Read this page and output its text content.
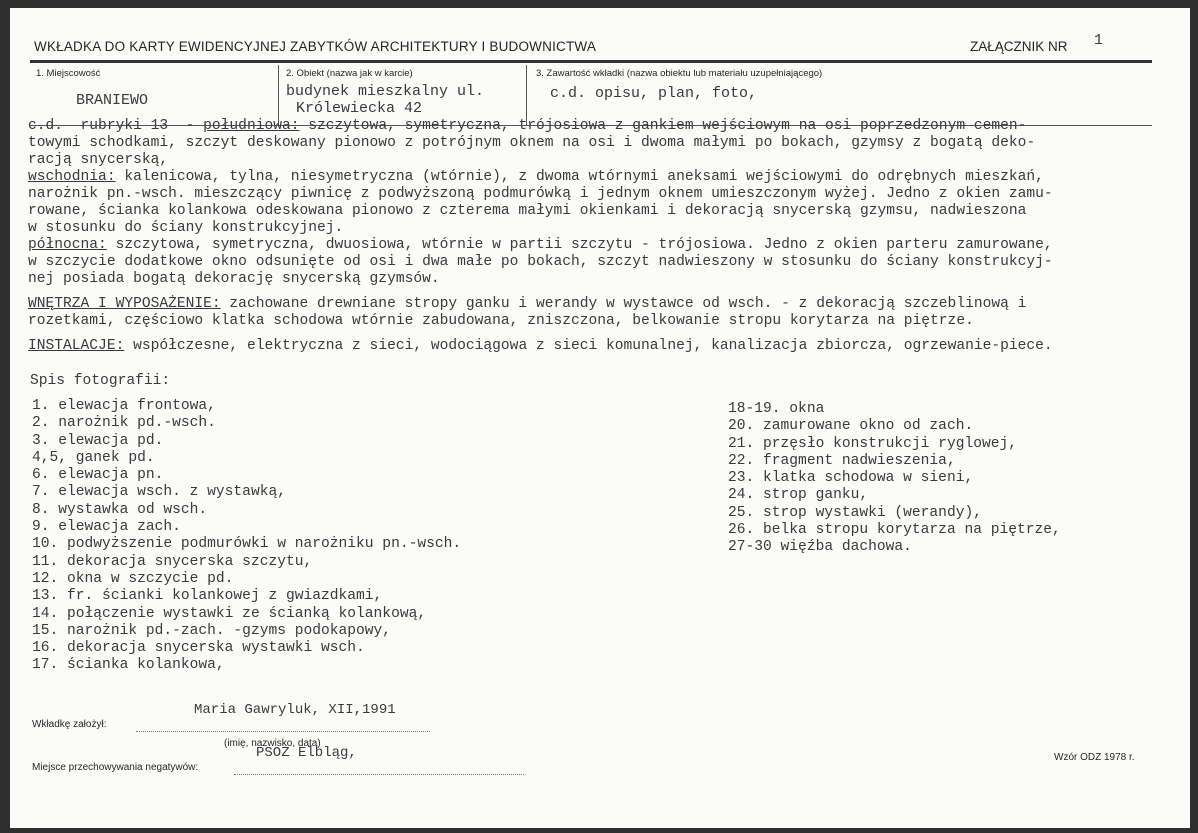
WKŁADKA DO KARTY EWIDENCYJNEJ ZABYTKÓW ARCHITEKTURY I BUDOWNICTWA	ZAŁĄCZNIK NR 1
1. Miejscowość
BRANIEWO
2. Obiekt (nazwa jak w karcie)
budynek mieszkalny ul.
Królewiecka 42
3. Zawartość wkładki (nazwa obiektu lub materiału uzupełniającego)
c.d. opisu, plan, foto,
c.d.  rubryki 13  - południowa: szczytowa, symetryczna, trójosiowa z gankiem wejściowym na osi poprzedzonym cemen-
towymi schodkami, szczyt deskowany pionowo z potrójnym oknem na osi i dwoma małymi po bokach, gzymsy z bogatą deko-
racją snycerską,
wschodnia: kalenicowa, tylna, niesymetryczna (wtórnie), z dwoma wtórnymi aneksami wejściowymi do odrębnych mieszkań,
narożnik pn.-wsch. mieszczący piwnicę z podwyższoną podmurówką i jednym oknem umieszczonym wyżej. Jedno z okien zamu-
rowane, ścianka kolankowa odeskowana pionowo z czterema małymi okienkami i dekoracją snycerską gzymsu, nadwieszona
w stosunku do ściany konstrukcyjnej.
północna: szczytowa, symetryczna, dwuosiowa, wtórnie w partii szczytu - trójosiowa. Jedno z okien parteru zamurowane,
w szczycie dodatkowe okno odsunięte od osi i dwa małe po bokach, szczyt nadwieszony w stosunku do ściany konstrukcyj-
nej posiada bogatą dekorację snycerską gzymsów.
WNĘTRZA I WYPOSAŻENIE: zachowane drewniane stropy ganku i werandy w wystawce od wsch. - z dekoracją szczeblinową i
rozetkami, częściowo klatka schodowa wtórnie zabudowana, zniszczona, belkowanie stropu korytarza na piętrze.
INSTALACJE: współczesne, elektryczna z sieci, wodociągowa z sieci komunalnej, kanalizacja zbiorcza, ogrzewanie-piece.
Spis fotografii:
1. elewacja frontowa,
2. narożnik pd.-wsch.
3. elewacja pd.
4,5, ganek pd.
6. elewacja pn.
7. elewacja wsch. z wystawką,
8. wystawka od wsch.
9. elewacja zach.
10. podwyższenie podmurówki w narożniku pn.-wsch.
11. dekoracja snycerska szczytu,
12. okna w szczycie pd.
13. fr. ścianki kolankowej z gwiazdkami,
14. połączenie wystawki ze ścianką kolankową,
15. narożnik pd.-zach. -gzyms podokapowy,
16. dekoracja snycerska wystawki wsch.
17. ścianka kolankowa,
18-19. okna
20. zamurowane okno od zach.
21. przęsło konstrukcji ryglowej,
22. fragment nadwieszenia,
23. klatka schodowa w sieni,
24. strop ganku,
25. strop wystawki (werandy),
26. belka stropu korytarza na piętrze,
27-30 więźba dachowa.
Wkładkę założył:
Maria Gawryluk, XII,1991
(imię, nazwisko, data)
Miejsce przechowywania negatywów:
PSOZ Elbląg,	Wzór ODZ 1978 r.
